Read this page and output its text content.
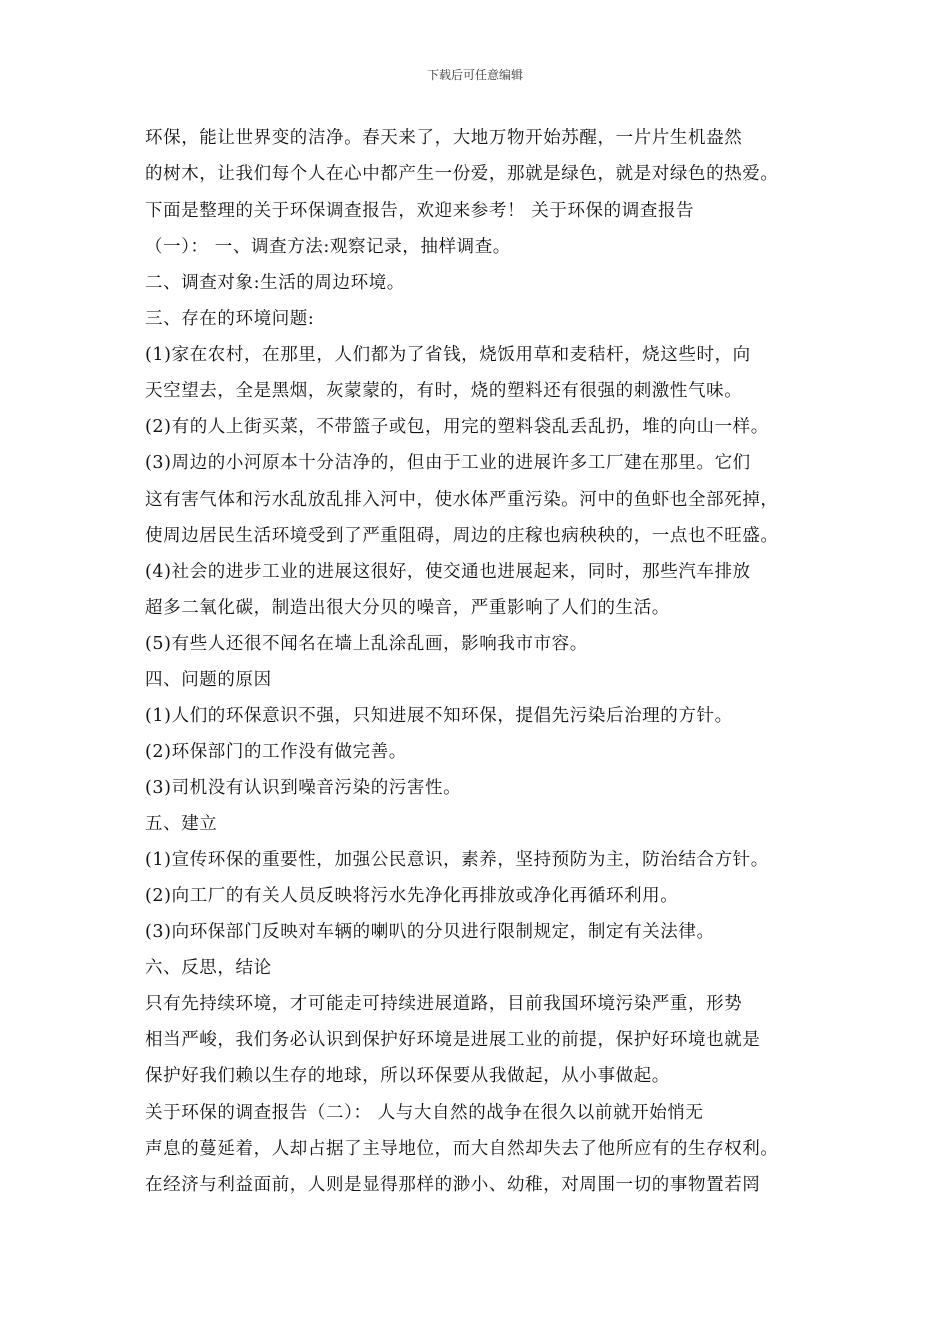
下载后可任意编辑
环保，能让世界变的洁净。春天来了，大地万物开始苏醒，一片片生机盎然
的树木，让我们每个人在心中都产生一份爱，那就是绿色，就是对绿色的热爱。
下面是整理的关于环保调查报告，欢迎来参考！ 关于环保的调查报告
（一）： 一、调查方法:观察记录，抽样调查。
二、调查对象:生活的周边环境。
三、存在的环境问题:
(1)家在农村，在那里，人们都为了省钱，烧饭用草和麦秸杆，烧这些时，向
天空望去，全是黑烟，灰蒙蒙的，有时，烧的塑料还有很强的刺激性气味。
(2)有的人上街买菜，不带篮子或包，用完的塑料袋乱丢乱扔，堆的向山一样。
(3)周边的小河原本十分洁净的，但由于工业的进展许多工厂建在那里。它们
这有害气体和污水乱放乱排入河中，使水体严重污染。河中的鱼虾也全部死掉，
使周边居民生活环境受到了严重阻碍，周边的庄稼也病秧秧的，一点也不旺盛。
(4)社会的进步工业的进展这很好，使交通也进展起来，同时，那些汽车排放
超多二氧化碳，制造出很大分贝的噪音，严重影响了人们的生活。
(5)有些人还很不闻名在墙上乱涂乱画，影响我市市容。
四、问题的原因
(1)人们的环保意识不强，只知进展不知环保，提倡先污染后治理的方针。
(2)环保部门的工作没有做完善。
(3)司机没有认识到噪音污染的污害性。
五、建立
(1)宣传环保的重要性，加强公民意识，素养，坚持预防为主，防治结合方针。
(2)向工厂的有关人员反映将污水先净化再排放或净化再循环利用。
(3)向环保部门反映对车辆的喇叭的分贝进行限制规定，制定有关法律。
六、反思，结论
只有先持续环境，才可能走可持续进展道路，目前我国环境污染严重，形势
相当严峻，我们务必认识到保护好环境是进展工业的前提，保护好环境也就是
保护好我们赖以生存的地球，所以环保要从我做起，从小事做起。
关于环保的调查报告（二）： 人与大自然的战争在很久以前就开始悄无
声息的蔓延着，人却占据了主导地位，而大自然却失去了他所应有的生存权利。
在经济与利益面前，人则是显得那样的渺小、幼稚，对周围一切的事物置若罔
